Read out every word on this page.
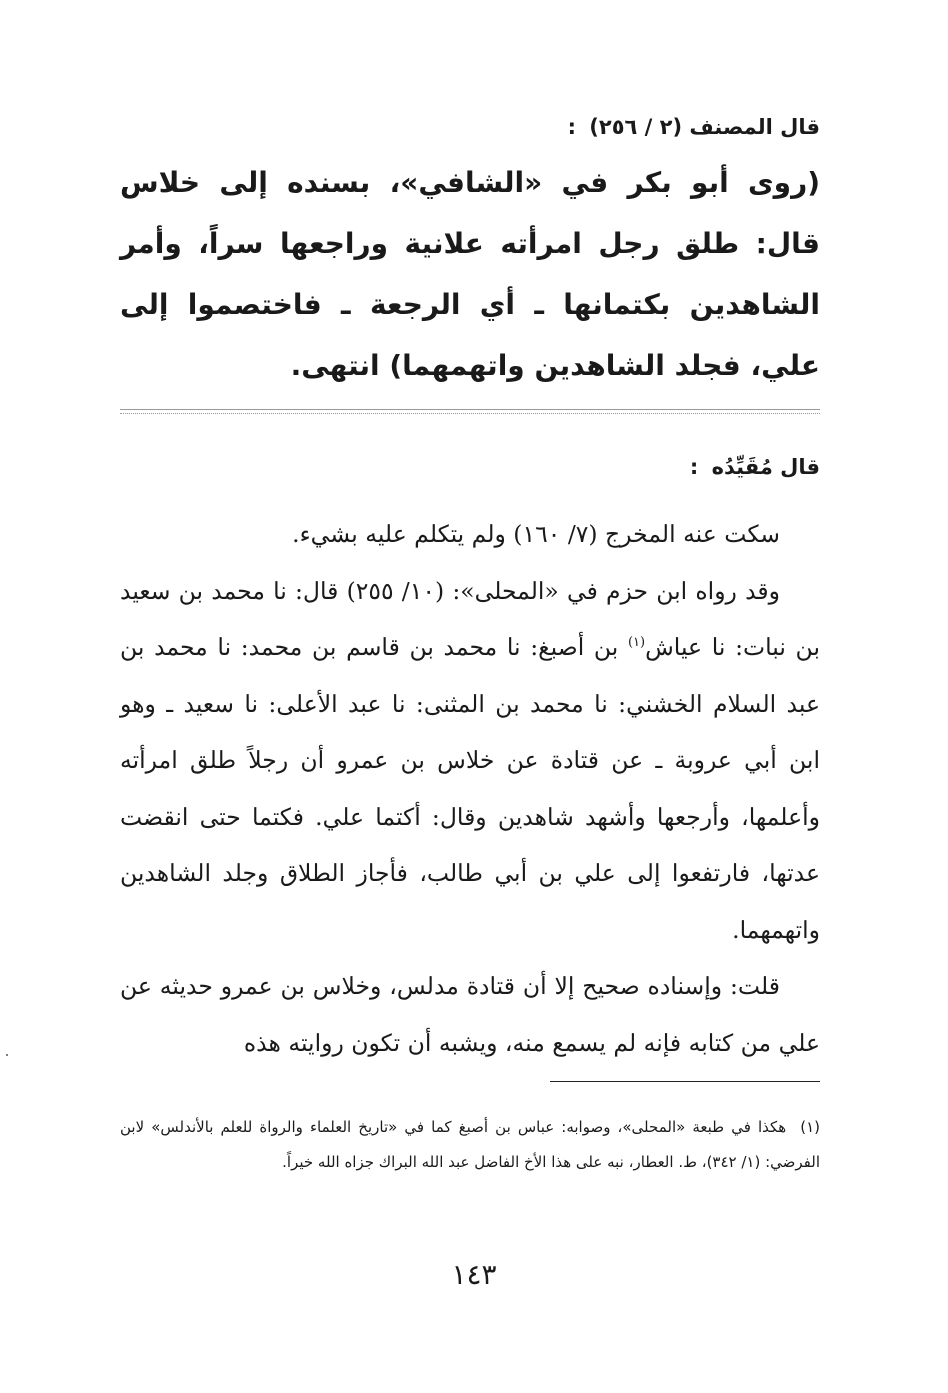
قال المصنف (٢ / ٢٥٦) :
(روى أبو بكر في «الشافي»، بسنده إلى خلاس قال: طلق رجل امرأته علانية وراجعها سراً، وأمر الشاهدين بكتمانها ـ أي الرجعة ـ فاختصموا إلى علي، فجلد الشاهدين واتهمهما) انتهى.
قال مُقَيِّدُه :

سكت عنه المخرج (٧/ ١٦٠) ولم يتكلم عليه بشيء.

وقد رواه ابن حزم في «المحلى»: (١٠/ ٢٥٥) قال: نا محمد بن سعيد بن نبات: نا عياش$^{(١)}$ بن أصبغ: نا محمد بن قاسم بن محمد: نا محمد بن عبد السلام الخشني: نا محمد بن المثنى: نا عبد الأعلى: نا سعيد ـ وهو ابن أبي عروبة ـ عن قتادة عن خلاس بن عمرو أن رجلاً طلق امرأته وأعلمها، وأرجعها وأشهد شاهدين وقال: أكتما علي. فكتما حتى انقضت عدتها، فارتفعوا إلى علي بن أبي طالب، فأجاز الطلاق وجلد الشاهدين واتهمهما.

قلت: وإسناده صحيح إلا أن قتادة مدلس، وخلاس بن عمرو حديثه عن علي من كتابه فإنه لم يسمع منه، ويشبه أن تكون روايته هذه

(١)هكذا في طبعة «المحلى»، وصوابه: عباس بن أصبغ كما في «تاريخ العلماء والرواة للعلم بالأندلس» لابن الفرضي: (١/ ٣٤٢)، ط. العطار، نبه على هذا الأخ الفاضل عبد الله البراك جزاه الله خيراً.
١٤٣
